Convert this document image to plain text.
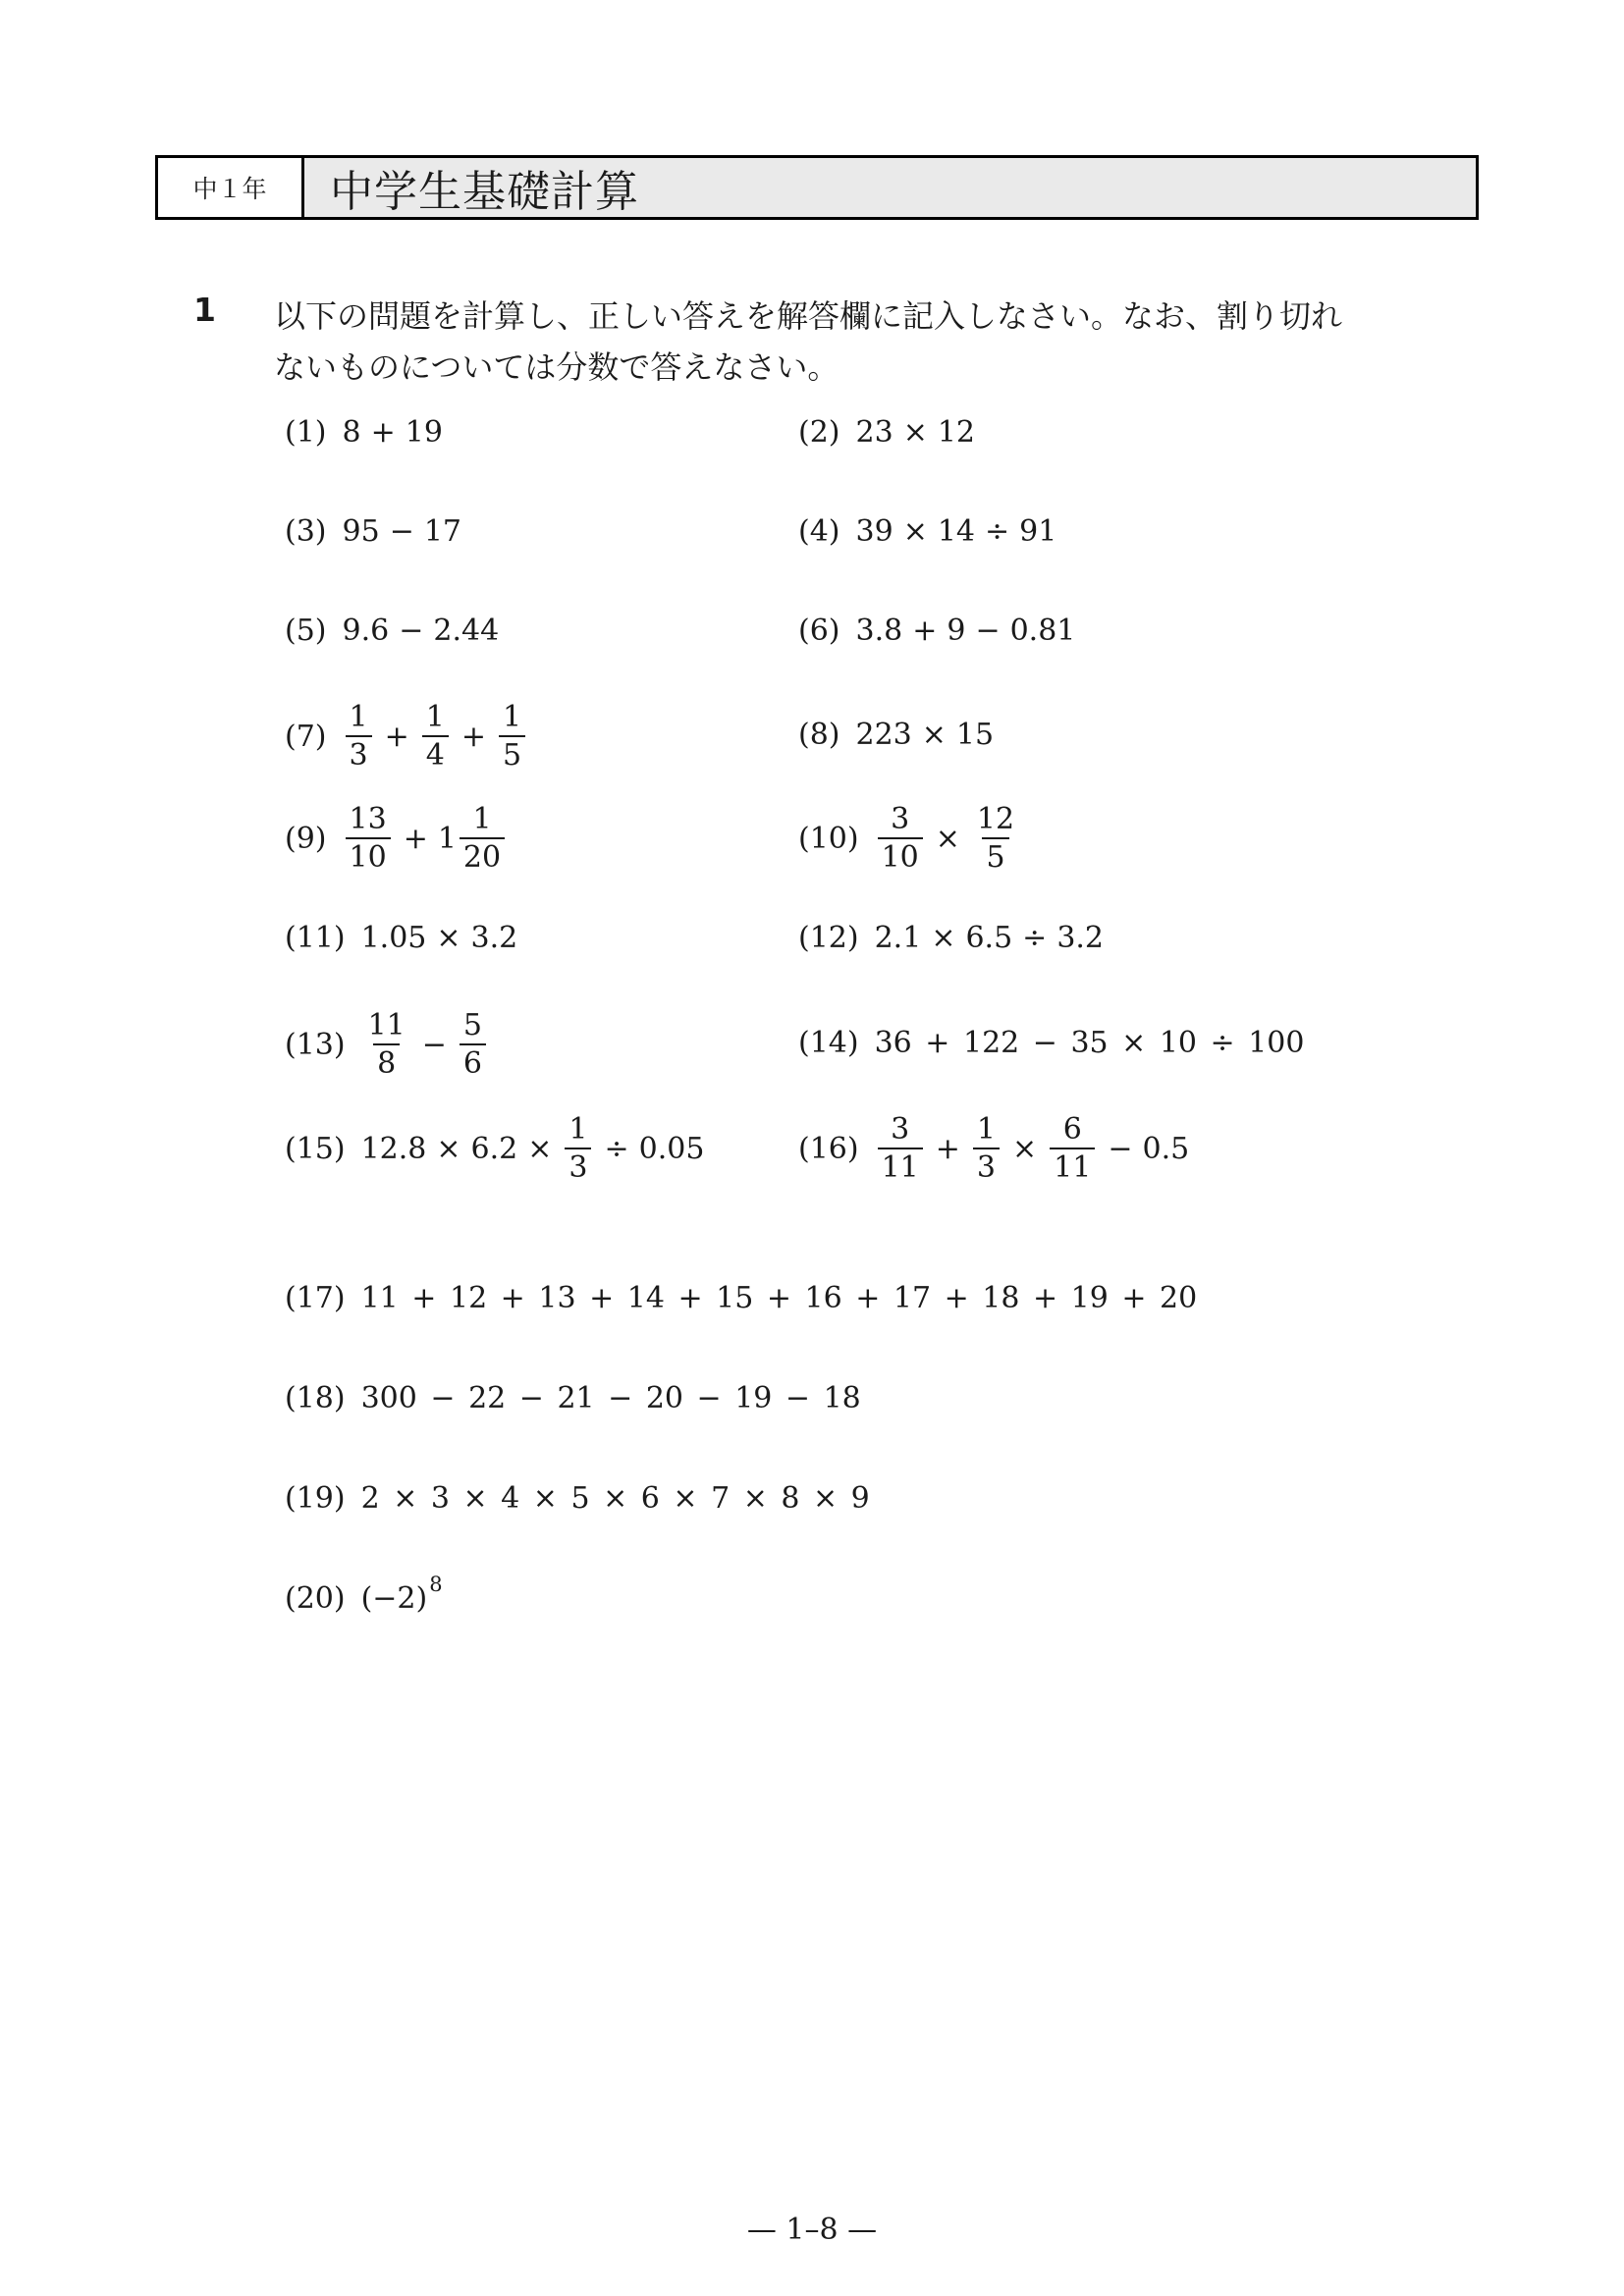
中１年	中学生基礎計算
1 以下の問題を計算し、正しい答えを解答欄に記入しなさい。なお、割り切れ
ないものについては分数で答えなさい。
(1) 8 + 19	(2) 23 × 12
(3) 95 − 17	(4) 39 × 14 ÷ 91
(5) 9.6 − 2.44	(6) 3.8 + 9 − 0.81
$(7) \frac{1}{3} + \frac{1}{4} + \frac{1}{5}$	(8) 223 × 15
$(9) \frac{13}{10} + 1 \frac{1}{20}$	$(10) \frac{3}{10} \times \frac{12}{5}$
(11) 1.05 × 3.2	(12) 2.1 × 6.5 ÷ 3.2
$(13) \frac{11}{8} - \frac{5}{6}$	(14) 36 + 122 − 35 × 10 ÷ 100
(15) $12.8 \times 6.2 \times \frac{1}{3} \div 0.05$	$(16) \frac{3}{11} + \frac{1}{3} \times \frac{6}{11} - 0.5$
(17) 11 + 12 + 13 + 14 + 15 + 16 + 17 + 18 + 19 + 20
(18) 300 − 22 − 21 − 20 − 19 − 18
(19) 2 × 3 × 4 × 5 × 6 × 7 × 8 × 9
(20) (−2) 8
— 1–8 —
